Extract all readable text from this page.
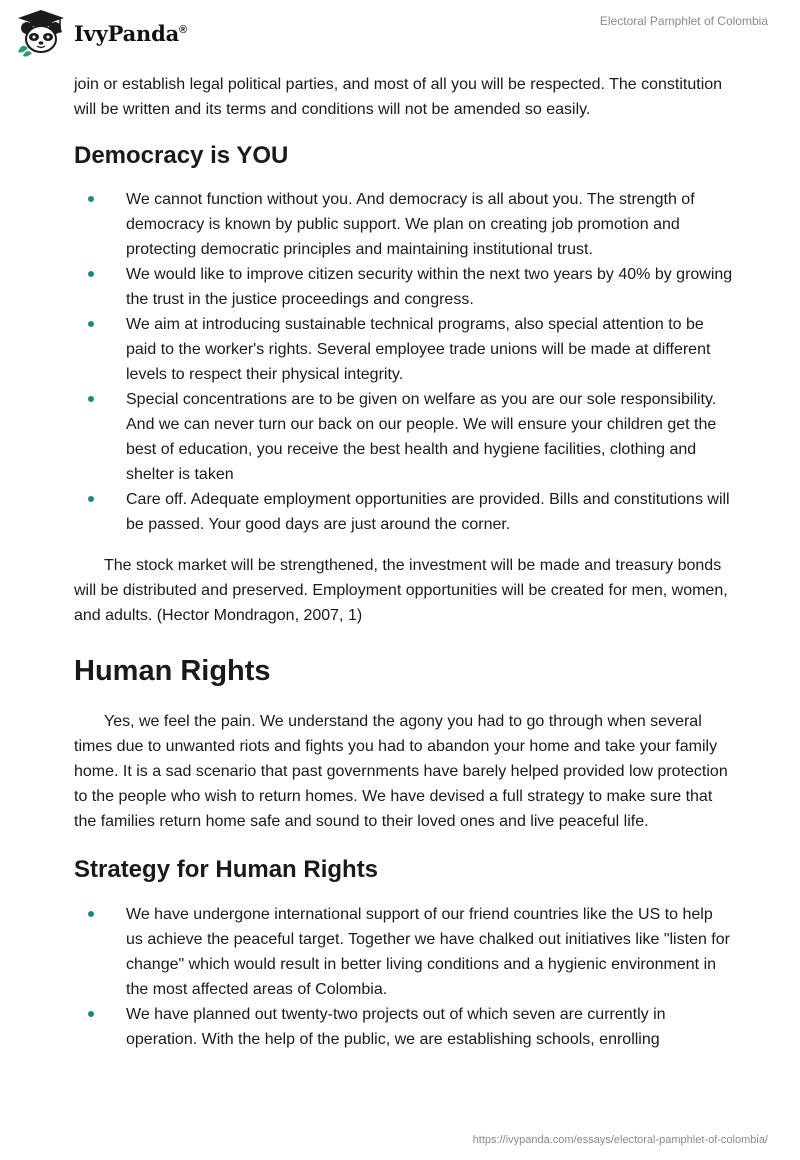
IvyPanda®
Electoral Pamphlet of Colombia

join or establish legal political parties, and most of all you will be respected. The constitution will be written and its terms and conditions will not be amended so easily.

Democracy is YOU
We cannot function without you. And democracy is all about you. The strength of democracy is known by public support. We plan on creating job promotion and protecting democratic principles and maintaining institutional trust.
We would like to improve citizen security within the next two years by 40% by growing the trust in the justice proceedings and congress.
We aim at introducing sustainable technical programs, also special attention to be paid to the worker's rights. Several employee trade unions will be made at different levels to respect their physical integrity.
Special concentrations are to be given on welfare as you are our sole responsibility. And we can never turn our back on our people. We will ensure your children get the best of education, you receive the best health and hygiene facilities, clothing and shelter is taken
Care off. Adequate employment opportunities are provided. Bills and constitutions will be passed. Your good days are just around the corner.

The stock market will be strengthened, the investment will be made and treasury bonds will be distributed and preserved. Employment opportunities will be created for men, women, and adults. (Hector Mondragon, 2007, 1)

Human Rights

Yes, we feel the pain. We understand the agony you had to go through when several times due to unwanted riots and fights you had to abandon your home and take your family home. It is a sad scenario that past governments have barely helped provided low protection to the people who wish to return homes. We have devised a full strategy to make sure that the families return home safe and sound to their loved ones and live peaceful life.

Strategy for Human Rights
We have undergone international support of our friend countries like the US to help us achieve the peaceful target. Together we have chalked out initiatives like "listen for change" which would result in better living conditions and a hygienic environment in the most affected areas of Colombia.
We have planned out twenty-two projects out of which seven are currently in operation. With the help of the public, we are establishing schools, enrolling
https://ivypanda.com/essays/electoral-pamphlet-of-colombia/
